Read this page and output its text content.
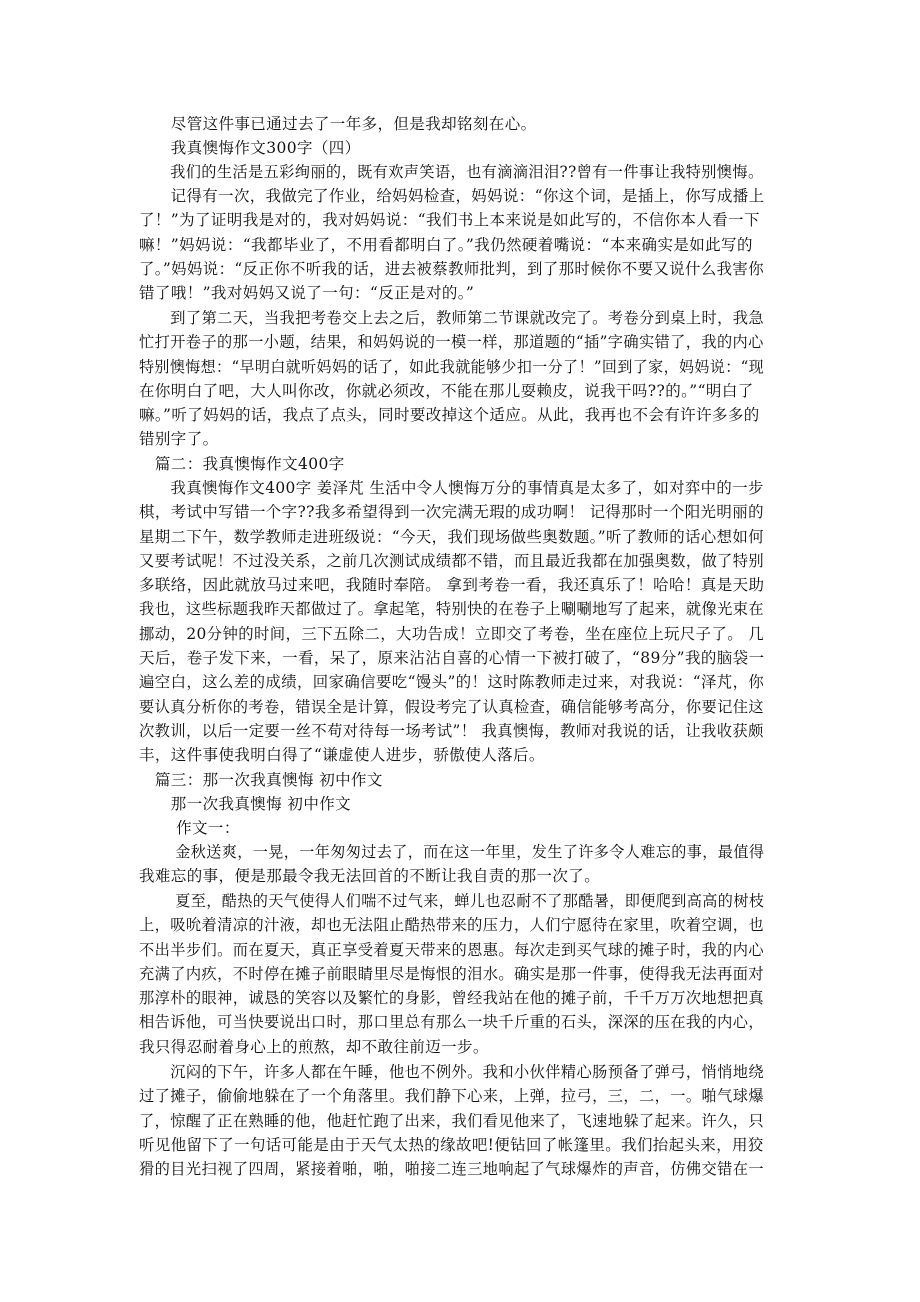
　　尽管这件事已通过去了一年多，但是我却铭刻在心。

　　我真懊悔作文300字（四）

　　我们的生活是五彩绚丽的，既有欢声笑语，也有滴滴泪泪??曾有一件事让我特别懊悔。

　　记得有一次，我做完了作业，给妈妈检查，妈妈说：“你这个词，是插上，你写成播上
了！”为了证明我是对的，我对妈妈说：“我们书上本来说是如此写的，不信你本人看一下
嘛！”妈妈说：“我都毕业了，不用看都明白了。”我仍然硬着嘴说：“本来确实是如此写的
了。”妈妈说：“反正你不听我的话，进去被蔡教师批判，到了那时候你不要又说什么我害你
错了哦！”我对妈妈又说了一句：“反正是对的。”

　　到了第二天，当我把考卷交上去之后，教师第二节课就改完了。考卷分到桌上时，我急
忙打开卷子的那一小题，结果，和妈妈说的一模一样，那道题的“插”字确实错了，我的内心
特别懊悔想：“早明白就听妈妈的话了，如此我就能够少扣一分了！”回到了家，妈妈说：“现
在你明白了吧，大人叫你改，你就必须改，不能在那儿耍赖皮，说我干吗??的。”“明白了
嘛。”听了妈妈的话，我点了点头，同时要改掉这个适应。从此，我再也不会有许许多多的
错别字了。

　篇二：我真懊悔作文400字

　　我真懊悔作文400字 姜泽芃 生活中令人懊悔万分的事情真是太多了，如对弈中的一步
棋，考试中写错一个字??我多希望得到一次完满无瑕的成功啊！ 记得那时一个阳光明丽的
星期二下午，数学教师走进班级说：“今天，我们现场做些奥数题。”听了教师的话心想如何
又要考试呢！不过没关系，之前几次测试成绩都不错，而且最近我都在加强奥数，做了特别
多联络，因此就放马过来吧，我随时奉陪。 拿到考卷一看，我还真乐了！哈哈！真是天助
我也，这些标题我昨天都做过了。拿起笔，特别快的在卷子上唰唰地写了起来，就像光束在
挪动，20分钟的时间，三下五除二，大功告成！立即交了考卷，坐在座位上玩尺子了。 几
天后，卷子发下来，一看，呆了，原来沾沾自喜的心情一下被打破了，“89分”我的脑袋一
遍空白，这么差的成绩，回家确信要吃“馒头”的！这时陈教师走过来，对我说：“泽芃，你
要认真分析你的考卷，错误全是计算，假设考完了认真检查，确信能够考高分，你要记住这
次教训，以后一定要一丝不苟对待每一场考试”！ 我真懊悔，教师对我说的话，让我收获颇
丰，这件事使我明白得了“谦虚使人进步，骄傲使人落后。

　篇三：那一次我真懊悔 初中作文

　　那一次我真懊悔 初中作文

　　 作文一：

　　 金秋送爽，一晃，一年匆匆过去了，而在这一年里，发生了许多令人难忘的事，最值得
我难忘的事，便是那最令我无法回首的不断让我自责的那一次了。

　　 夏至，酷热的天气使得人们喘不过气来，蝉儿也忍耐不了那酷暑，即便爬到高高的树枝
上，吸吮着清凉的汁液，却也无法阻止酷热带来的压力，人们宁愿待在家里，吹着空调，也
不出半步们。而在夏天，真正享受着夏天带来的恩惠。每次走到买气球的摊子时，我的内心
充满了内疚，不时停在摊子前眼睛里尽是悔恨的泪水。确实是那一件事，使得我无法再面对
那淳朴的眼神，诚恳的笑容以及繁忙的身影，曾经我站在他的摊子前，千千万万次地想把真
相告诉他，可当快要说出口时，那口里总有那么一块千斤重的石头，深深的压在我的内心，
我只得忍耐着身心上的煎熬，却不敢往前迈一步。

　　沉闷的下午，许多人都在午睡，他也不例外。我和小伙伴精心肠预备了弹弓，悄悄地绕
过了摊子，偷偷地躲在了一个角落里。我们静下心来，上弹，拉弓，三，二，一。啪气球爆
了，惊醒了正在熟睡的他，他赶忙跑了出来，我们看见他来了，飞速地躲了起来。许久，只
听见他留下了一句话可能是由于天气太热的缘故吧!便钻回了帐篷里。我们抬起头来，用狡
猾的目光扫视了四周，紧接着啪，啪，啪接二连三地响起了气球爆炸的声音，仿佛交错在一
